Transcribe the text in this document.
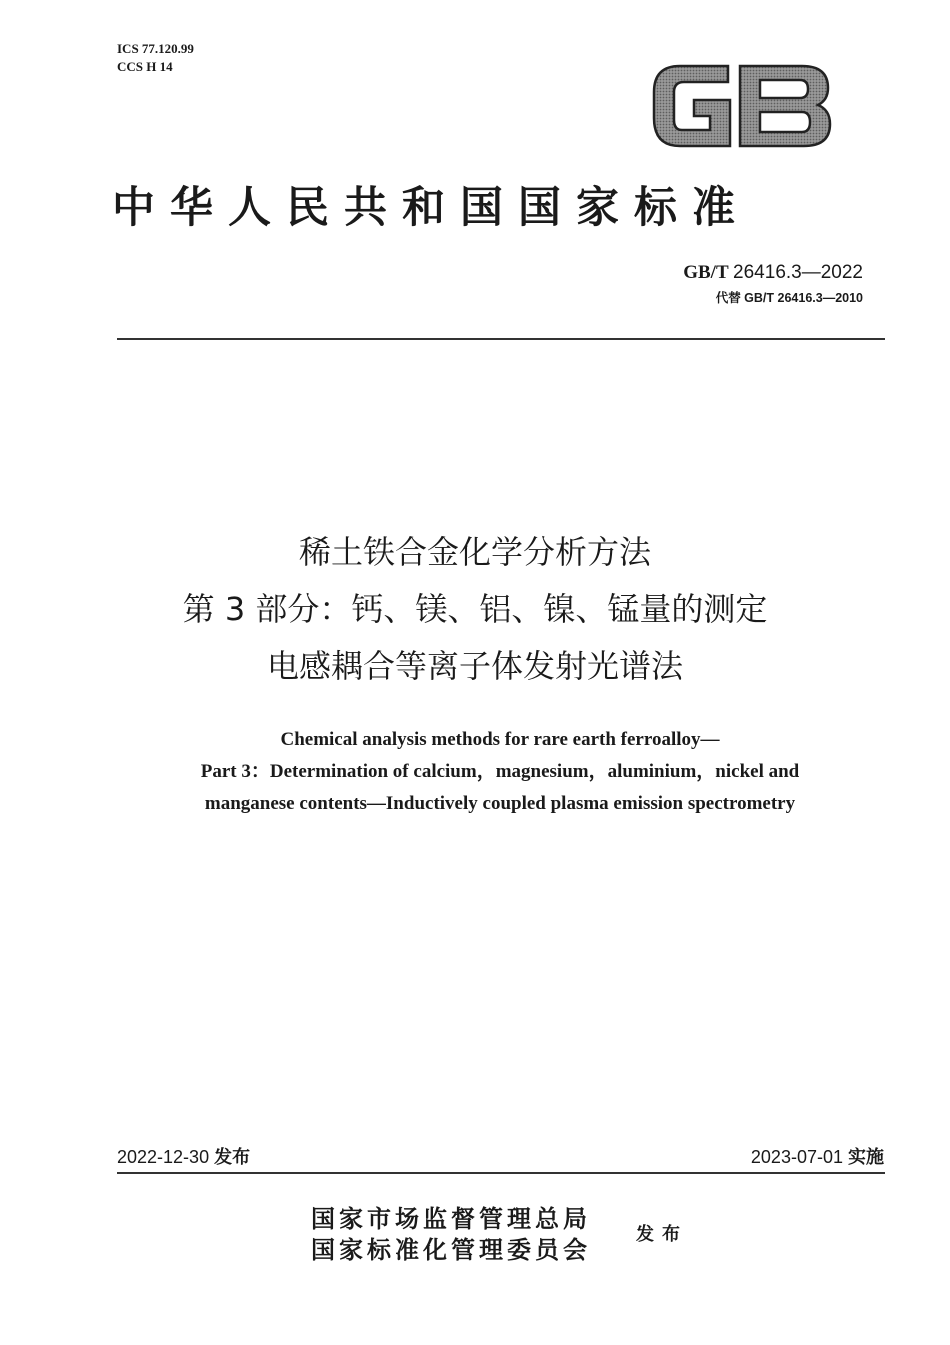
ICS 77.120.99
CCS H 14
中华人民共和国国家标准
GB/T 26416.3—2022
代替 GB/T 26416.3—2010
稀土铁合金化学分析方法
第 3 部分：钙、镁、铝、镍、锰量的测定
电感耦合等离子体发射光谱法
Chemical analysis methods for rare earth ferroalloy—
Part 3：Determination of calcium，magnesium，aluminium，nickel and
manganese contents—Inductively coupled plasma emission spectrometry
2022-12-30 发布	2023-07-01 实施
国家市场监督管理总局
国家标准化管理委员会
发布
